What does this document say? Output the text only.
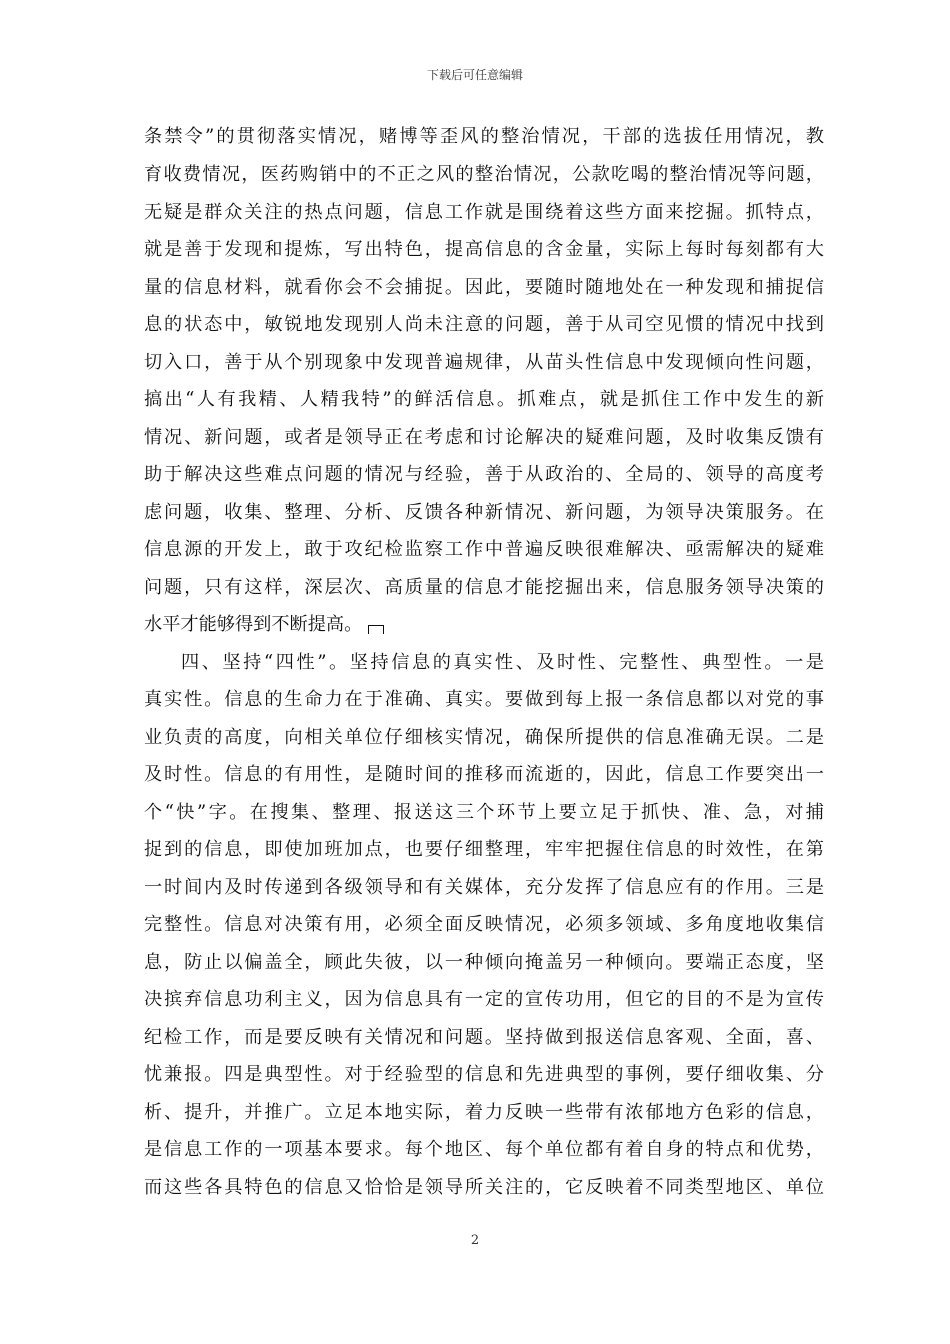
下载后可任意编辑
条禁令”的贯彻落实情况，赌博等歪风的整治情况，干部的选拔任用情况，教
育收费情况，医药购销中的不正之风的整治情况，公款吃喝的整治情况等问题，
无疑是群众关注的热点问题，信息工作就是围绕着这些方面来挖掘。抓特点，
就是善于发现和提炼，写出特色，提高信息的含金量，实际上每时每刻都有大
量的信息材料，就看你会不会捕捉。因此，要随时随地处在一种发现和捕捉信
息的状态中，敏锐地发现别人尚未注意的问题，善于从司空见惯的情况中找到
切入口，善于从个别现象中发现普遍规律，从苗头性信息中发现倾向性问题，
搞出“人有我精、人精我特”的鲜活信息。抓难点，就是抓住工作中发生的新
情况、新问题，或者是领导正在考虑和讨论解决的疑难问题，及时收集反馈有
助于解决这些难点问题的情况与经验，善于从政治的、全局的、领导的高度考
虑问题，收集、整理、分析、反馈各种新情况、新问题，为领导决策服务。在
信息源的开发上，敢于攻纪检监察工作中普遍反映很难解决、亟需解决的疑难
问题，只有这样，深层次、高质量的信息才能挖掘出来，信息服务领导决策的
水平才能够得到不断提高。
四、坚持“四性”。坚持信息的真实性、及时性、完整性、典型性。一是
真实性。信息的生命力在于准确、真实。要做到每上报一条信息都以对党的事
业负责的高度，向相关单位仔细核实情况，确保所提供的信息准确无误。二是
及时性。信息的有用性，是随时间的推移而流逝的，因此，信息工作要突出一
个“快”字。在搜集、整理、报送这三个环节上要立足于抓快、准、急，对捕
捉到的信息，即使加班加点，也要仔细整理，牢牢把握住信息的时效性，在第
一时间内及时传递到各级领导和有关媒体，充分发挥了信息应有的作用。三是
完整性。信息对决策有用，必须全面反映情况，必须多领域、多角度地收集信
息，防止以偏盖全，顾此失彼，以一种倾向掩盖另一种倾向。要端正态度，坚
决摈弃信息功利主义，因为信息具有一定的宣传功用，但它的目的不是为宣传
纪检工作，而是要反映有关情况和问题。坚持做到报送信息客观、全面，喜、
忧兼报。四是典型性。对于经验型的信息和先进典型的事例，要仔细收集、分
析、提升，并推广。立足本地实际，着力反映一些带有浓郁地方色彩的信息，
是信息工作的一项基本要求。每个地区、每个单位都有着自身的特点和优势，
而这些各具特色的信息又恰恰是领导所关注的，它反映着不同类型地区、单位
2
